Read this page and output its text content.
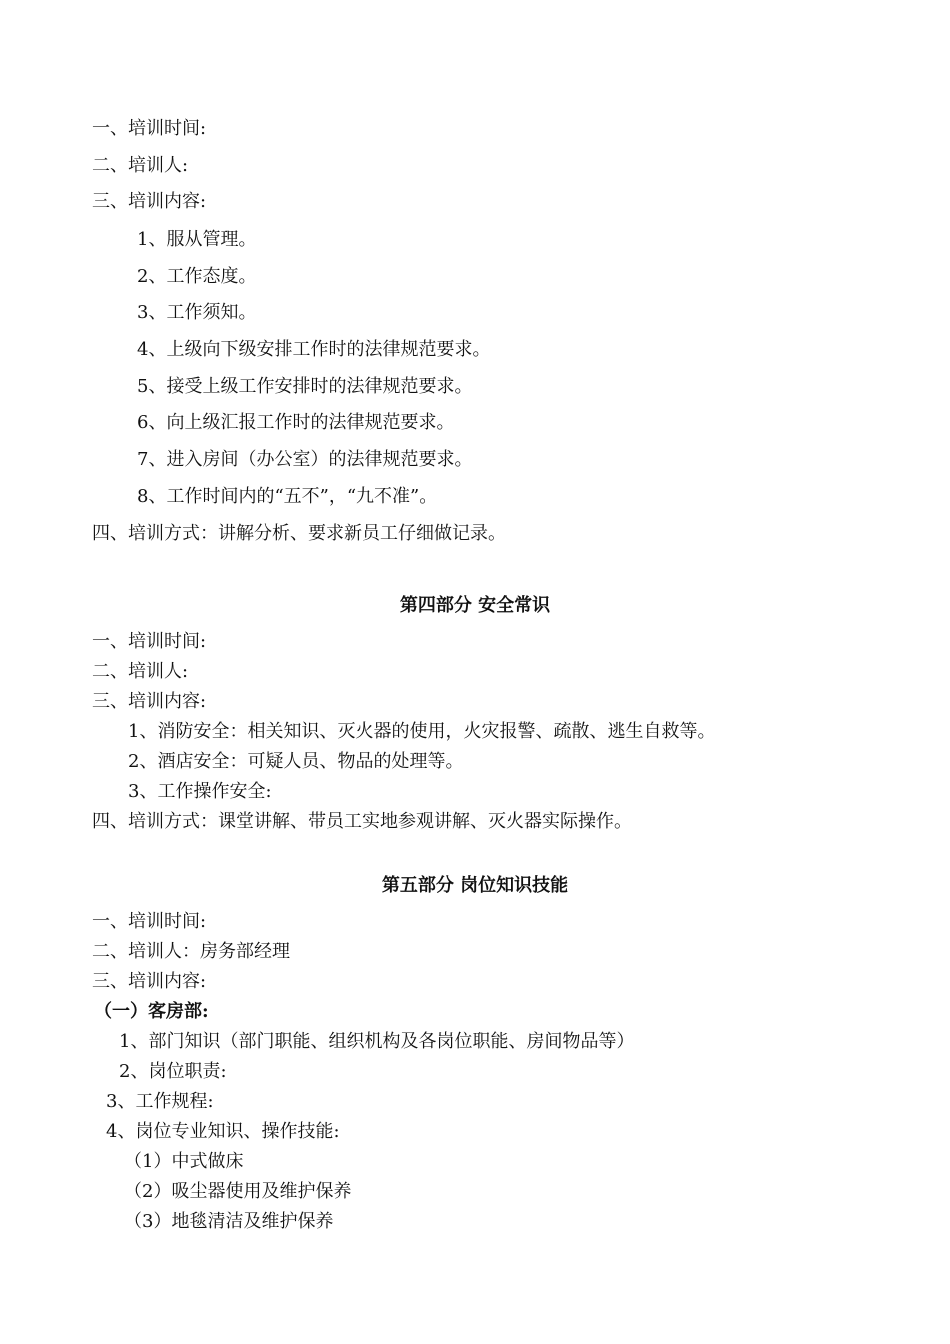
一、培训时间:
二、培训人:
三、培训内容:
1、服从管理。
2、工作态度。
3、工作须知。
4、上级向下级安排工作时的法律规范要求。
5、接受上级工作安排时的法律规范要求。
6、向上级汇报工作时的法律规范要求。
7、进入房间（办公室）的法律规范要求。
8、工作时间内的“五不”，“九不准”。
四、培训方式：讲解分析、要求新员工仔细做记录。
第四部分 安全常识
一、培训时间:
二、培训人:
三、培训内容:
1、消防安全：相关知识、灭火器的使用，火灾报警、疏散、逃生自救等。
2、酒店安全：可疑人员、物品的处理等。
3、工作操作安全:
四、培训方式：课堂讲解、带员工实地参观讲解、灭火器实际操作。
第五部分 岗位知识技能
一、培训时间:
二、培训人：房务部经理
三、培训内容:
（一）客房部:
1、部门知识（部门职能、组织机构及各岗位职能、房间物品等）
2、岗位职责:
3、工作规程:
4、岗位专业知识、操作技能:
（1）中式做床
（2）吸尘器使用及维护保养
（3）地毯清洁及维护保养
